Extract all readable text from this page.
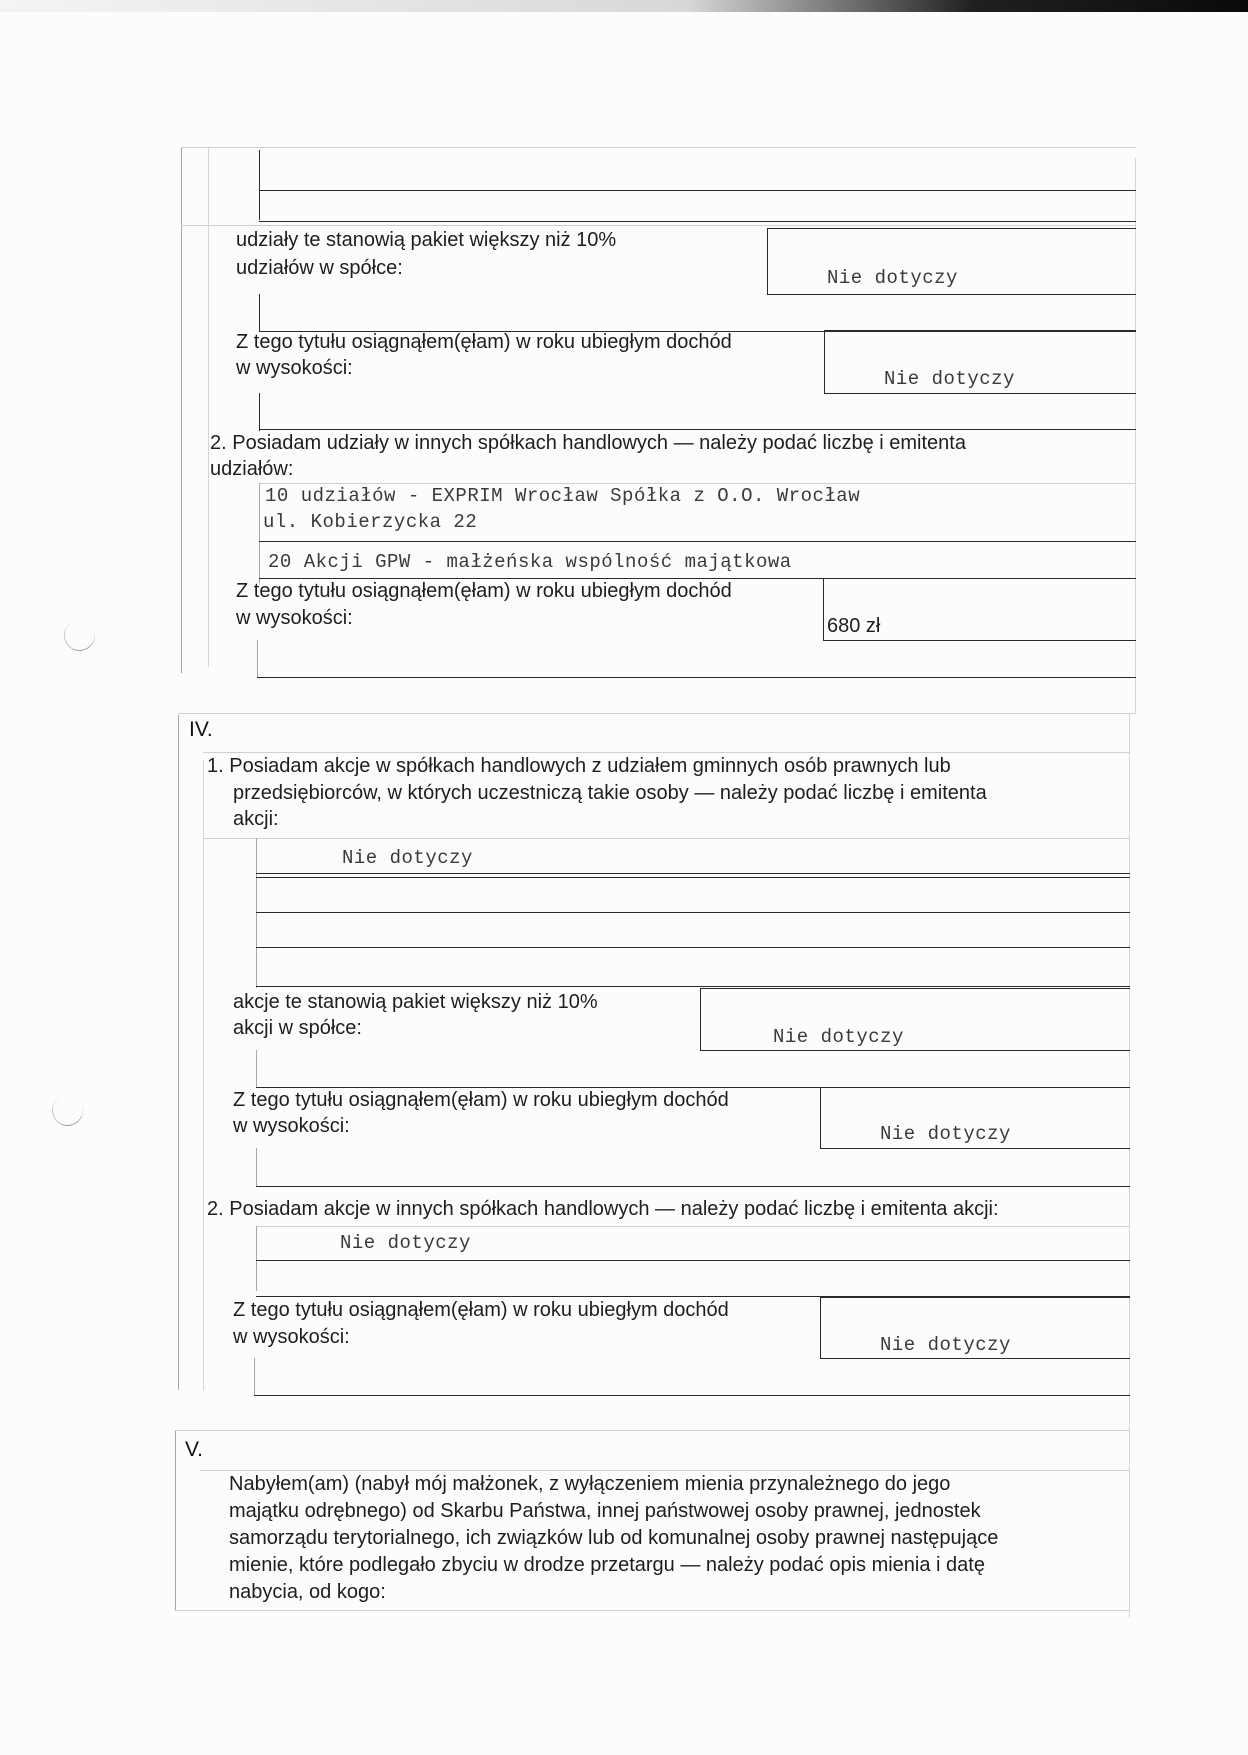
udziały te stanowią pakiet większy niż 10%
udziałów w spółce:	Nie dotyczy
Z tego tytułu osiągnąłem(ęłam) w roku ubiegłym dochód
w wysokości:	Nie dotyczy
2. Posiadam udziały w innych spółkach handlowych — należy podać liczbę i emitenta
udziałów:
10 udziałów - EXPRIM Wrocław Spółka z O.O. Wrocław
ul. Kobierzycka 22
20 Akcji GPW - małżeńska wspólność majątkowa
Z tego tytułu osiągnąłem(ęłam) w roku ubiegłym dochód
w wysokości:	680 zł
IV.
1. Posiadam akcje w spółkach handlowych z udziałem gminnych osób prawnych lub
przedsiębiorców, w których uczestniczą takie osoby — należy podać liczbę i emitenta
akcji:
Nie dotyczy
akcje te stanowią pakiet większy niż 10%
akcji w spółce:	Nie dotyczy
Z tego tytułu osiągnąłem(ęłam) w roku ubiegłym dochód
w wysokości:	Nie dotyczy
2. Posiadam akcje w innych spółkach handlowych — należy podać liczbę i emitenta akcji:
Nie dotyczy
Z tego tytułu osiągnąłem(ęłam) w roku ubiegłym dochód
w wysokości:	Nie dotyczy
V.
Nabyłem(am) (nabył mój małżonek, z wyłączeniem mienia przynależnego do jego
majątku odrębnego) od Skarbu Państwa, innej państwowej osoby prawnej, jednostek
samorządu terytorialnego, ich związków lub od komunalnej osoby prawnej następujące
mienie, które podlegało zbyciu w drodze przetargu — należy podać opis mienia i datę
nabycia, od kogo:
